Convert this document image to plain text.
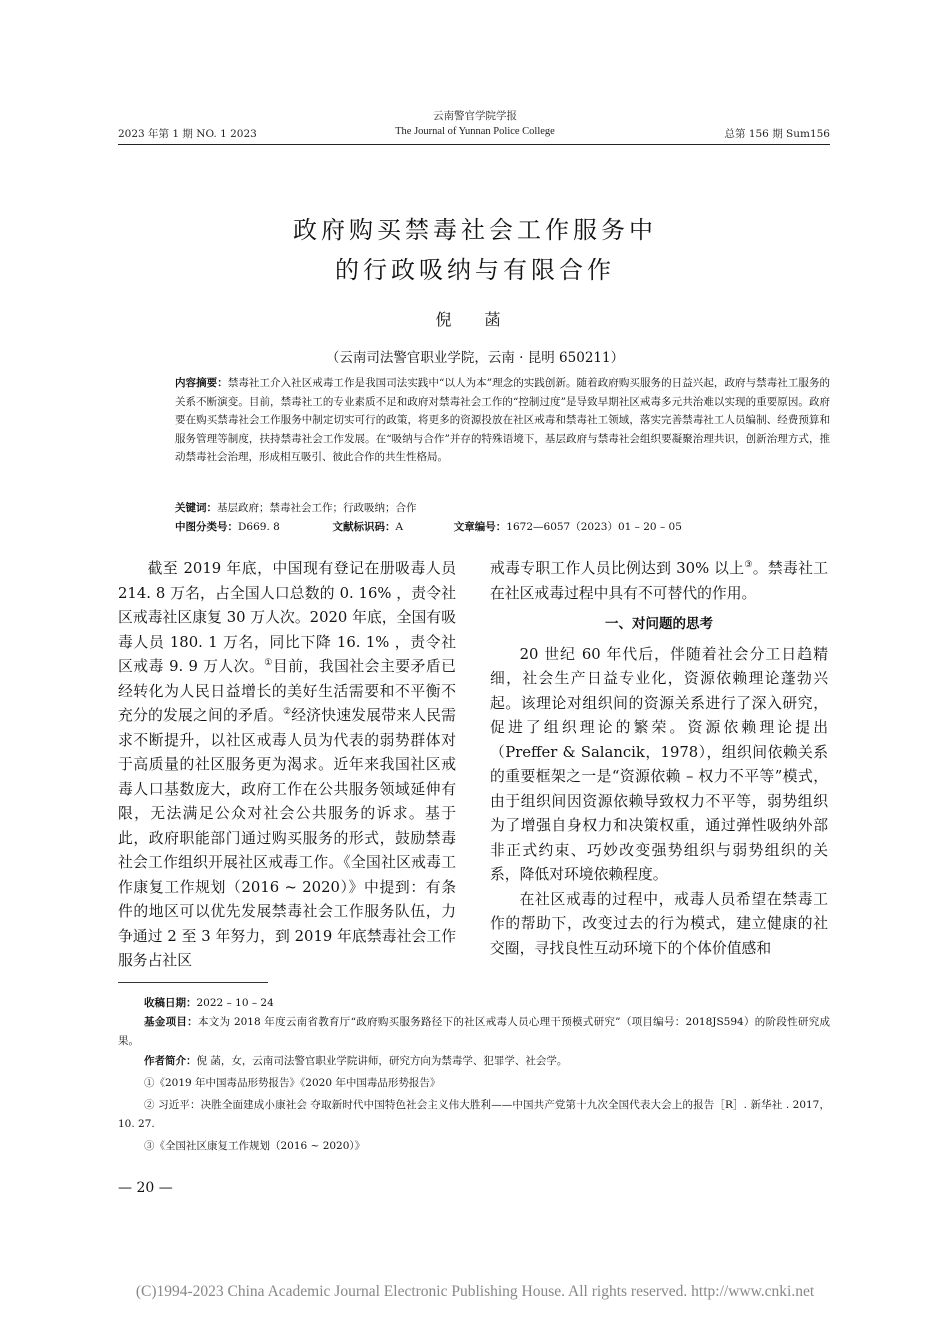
云南警官学院学报
2023 年第 1 期 NO. 1 2023	The Journal of Yunnan Police College	总第 156 期 Sum156
政府购买禁毒社会工作服务中
的行政吸纳与有限合作
倪 菡
（云南司法警官职业学院，云南 · 昆明 650211）
内容摘要：禁毒社工介入社区戒毒工作是我国司法实践中“以人为本”理念的实践创新。随着政府购买服务的日益兴起，政府与禁毒社工服务的关系不断演变。目前，禁毒社工的专业素质不足和政府对禁毒社会工作的“控制过度”是导致早期社区戒毒多元共治难以实现的重要原因。政府要在购买禁毒社会工作服务中制定切实可行的政策，将更多的资源投放在社区戒毒和禁毒社工领域，落实完善禁毒社工人员编制、经费预算和服务管理等制度，扶持禁毒社会工作发展。在“吸纳与合作”并存的特殊语境下，基层政府与禁毒社会组织要凝聚治理共识，创新治理方式，推动禁毒社会治理，形成相互吸引、彼此合作的共生性格局。
关键词：基层政府；禁毒社会工作；行政吸纳；合作
中图分类号：D669. 8	文献标识码：A	文章编号：1672—6057（2023）01 – 20 – 05

截至 2019 年底，中国现有登记在册吸毒人员 214. 8 万名，占全国人口总数的 0. 16% ，责令社区戒毒社区康复 30 万人次。2020 年底，全国有吸毒人员 180. 1 万名，同比下降 16. 1% ，责令社区戒毒 9. 9 万人次。①目前，我国社会主要矛盾已经转化为人民日益增长的美好生活需要和不平衡不充分的发展之间的矛盾。②经济快速发展带来人民需求不断提升，以社区戒毒人员为代表的弱势群体对于高质量的社区服务更为渴求。近年来我国社区戒毒人口基数庞大，政府工作在公共服务领域延伸有限，无法满足公众对社会公共服务的诉求。基于此，政府职能部门通过购买服务的形式，鼓励禁毒社会工作组织开展社区戒毒工作。《全国社区戒毒工作康复工作规划（2016 ~ 2020）》中提到：有条件的地区可以优先发展禁毒社会工作服务队伍，力争通过 2 至 3 年努力，到 2019 年底禁毒社会工作服务占社区

戒毒专职工作人员比例达到 30% 以上③。禁毒社工在社区戒毒过程中具有不可替代的作用。

一、对问题的思考

20 世纪 60 年代后，伴随着社会分工日趋精细，社会生产日益专业化，资源依赖理论蓬勃兴起。该理论对组织间的资源关系进行了深入研究，促进了组织理论的繁荣。资源依赖理论提出（Preffer & Salancik，1978），组织间依赖关系的重要框架之一是“资源依赖 – 权力不平等”模式，由于组织间因资源依赖导致权力不平等，弱势组织为了增强自身权力和决策权重，通过弹性吸纳外部非正式约束、巧妙改变强势组织与弱势组织的关系，降低对环境依赖程度。

在社区戒毒的过程中，戒毒人员希望在禁毒工作的帮助下，改变过去的行为模式，建立健康的社交圈，寻找良性互动环境下的个体价值感和

收稿日期：2022 – 10 – 24

基金项目：本文为 2018 年度云南省教育厅“政府购买服务路径下的社区戒毒人员心理干预模式研究”（项目编号：2018JS594）的阶段性研究成果。

作者简介：倪 菡，女，云南司法警官职业学院讲师，研究方向为禁毒学、犯罪学、社会学。

①《2019 年中国毒品形势报告》《2020 年中国毒品形势报告》

② 习近平：决胜全面建成小康社会 夺取新时代中国特色社会主义伟大胜利——中国共产党第十九次全国代表大会上的报告［R］. 新华社 . 2017，10. 27.

③《全国社区康复工作规划（2016 ~ 2020）》

— 20 —
(C)1994-2023 China Academic Journal Electronic Publishing House. All rights reserved. http://www.cnki.net
